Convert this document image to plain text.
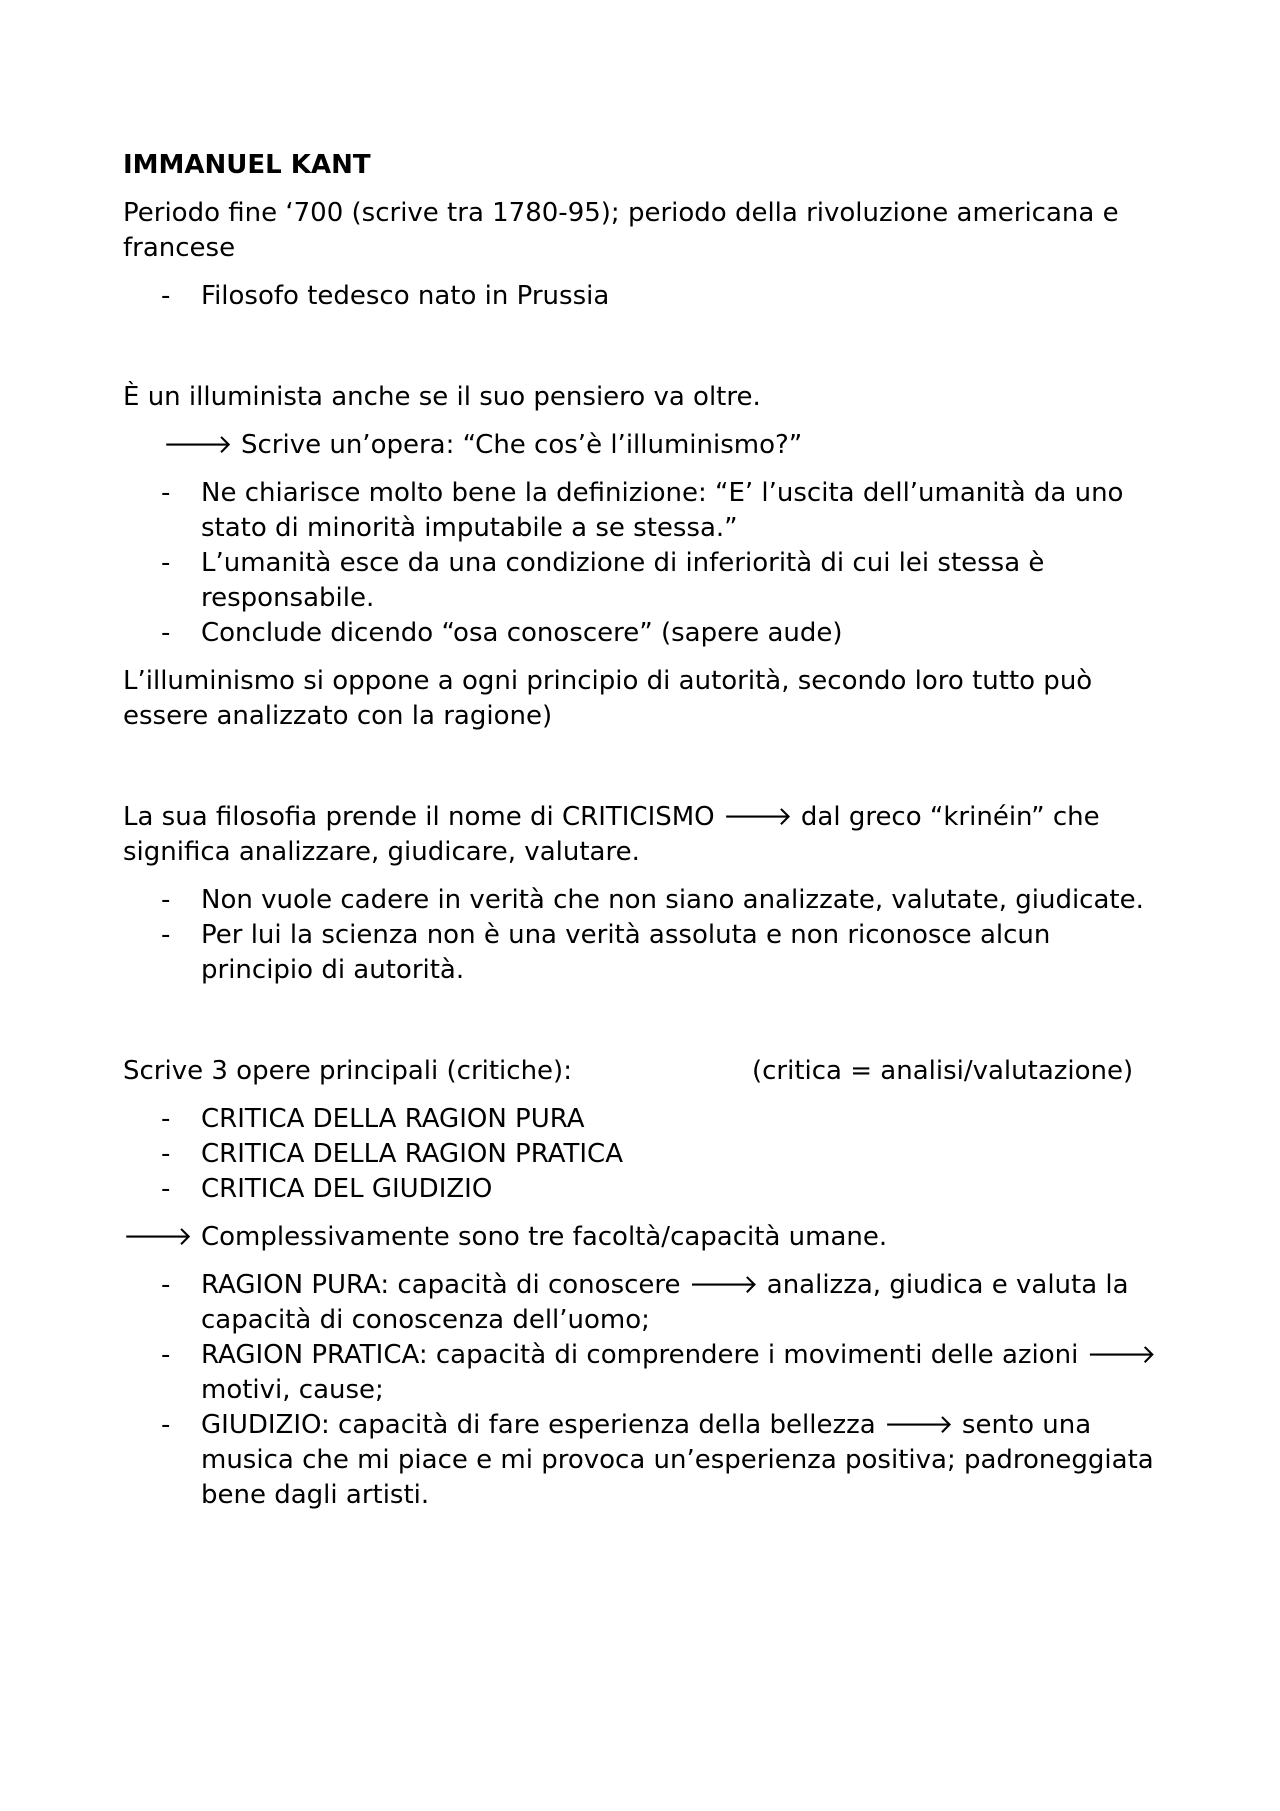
IMMANUEL KANT
Periodo fine ‘700 (scrive tra 1780-95); periodo della rivoluzione americana e francese
- Filosofo tedesco nato in Prussia
È un illuminista anche se il suo pensiero va oltre.
🡒 Scrive un’opera: “Che cos’è l’illuminismo?”
- Ne chiarisce molto bene la definizione: “E’ l’uscita dell’umanità da uno stato di minorità imputabile a se stessa.”
- L’umanità esce da una condizione di inferiorità di cui lei stessa è responsabile.
- Conclude dicendo “osa conoscere” (sapere aude)
L’illuminismo si oppone a ogni principio di autorità, secondo loro tutto può essere analizzato con la ragione)
La sua filosofia prende il nome di CRITICISMO 🡒 dal greco “krinéin” che significa analizzare, giudicare, valutare.
- Non vuole cadere in verità che non siano analizzate, valutate, giudicate.
- Per lui la scienza non è una verità assoluta e non riconosce alcun principio di autorità.
Scrive 3 opere principali (critiche):	(critica = analisi/valutazione)
- CRITICA DELLA RAGION PURA
- CRITICA DELLA RAGION PRATICA
- CRITICA DEL GIUDIZIO
🡒 Complessivamente sono tre facoltà/capacità umane.
- RAGION PURA: capacità di conoscere 🡒 analizza, giudica e valuta la capacità di conoscenza dell’uomo;
- RAGION PRATICA: capacità di comprendere i movimenti delle azioni 🡒 motivi, cause;
- GIUDIZIO: capacità di fare esperienza della bellezza 🡒 sento una musica che mi piace e mi provoca un’esperienza positiva; padroneggiata bene dagli artisti.
